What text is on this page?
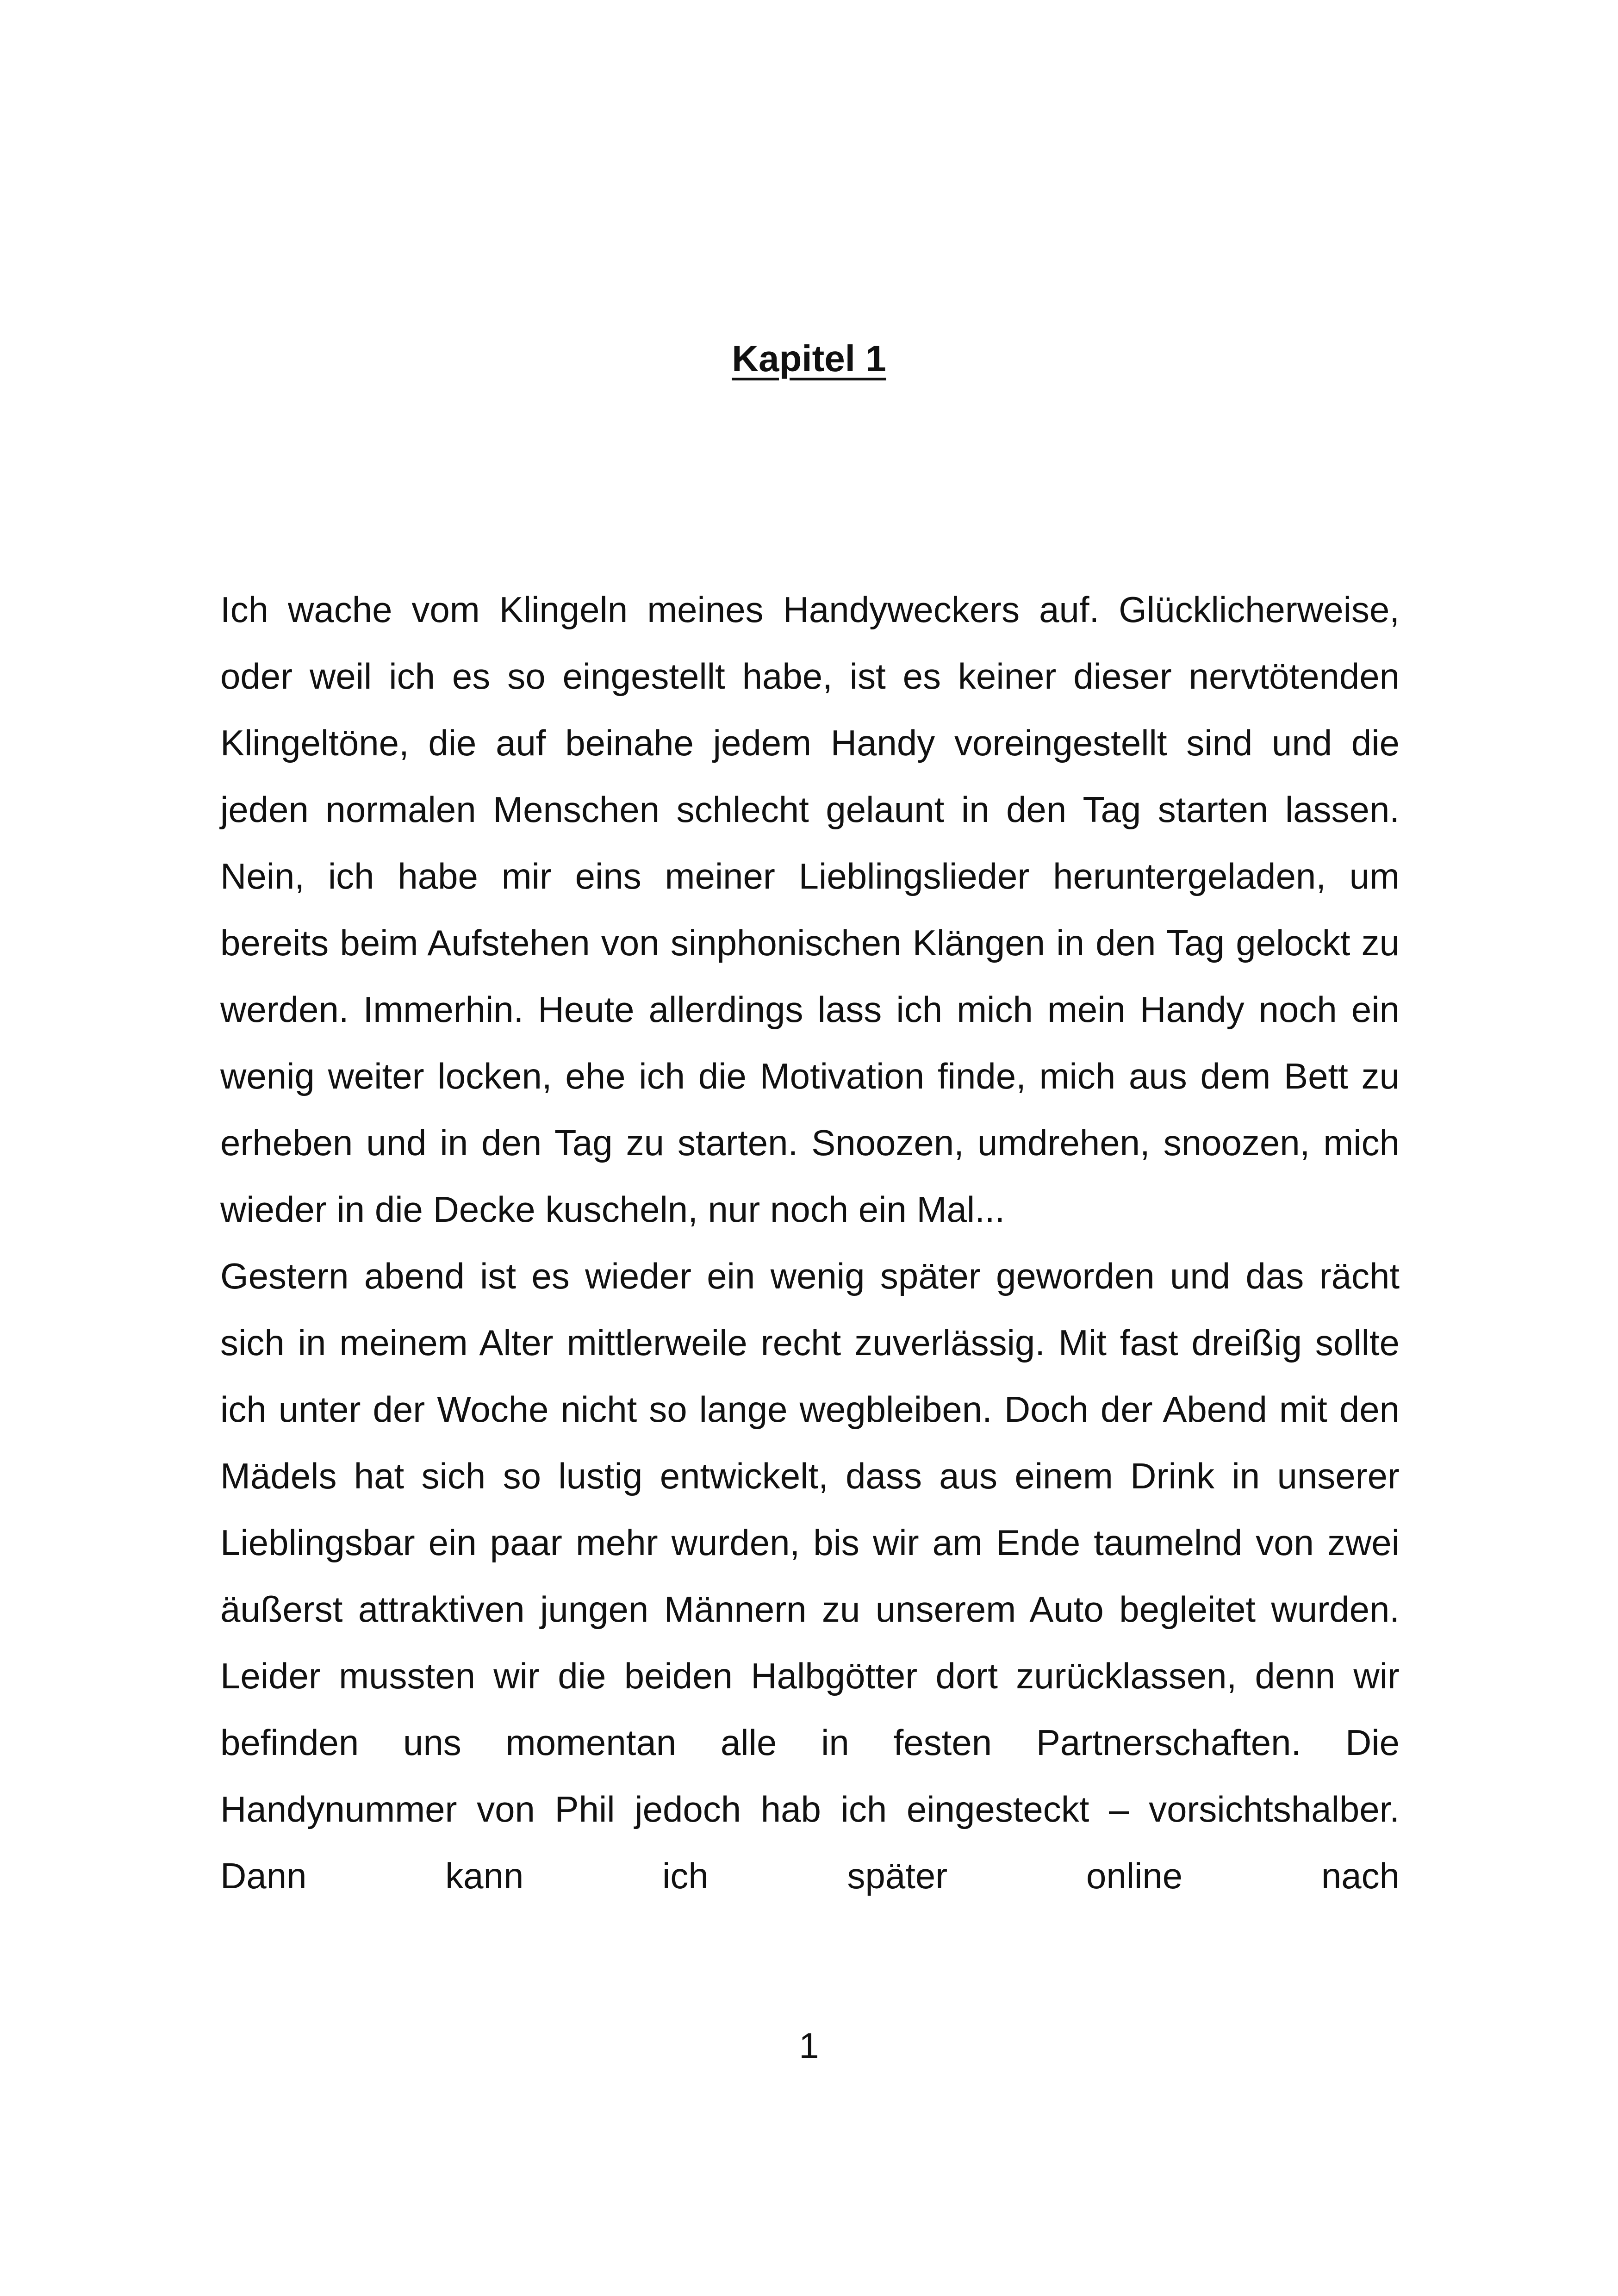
Kapitel 1

Ich wache vom Klingeln meines Handyweckers auf. Glücklicherweise, oder weil ich es so eingestellt habe, ist es keiner dieser nervtötenden Klingeltöne, die auf beinahe jedem Handy voreingestellt sind und die jeden normalen Menschen schlecht gelaunt in den Tag starten lassen. Nein, ich habe mir eins meiner Lieblingslieder heruntergeladen, um bereits beim Aufstehen von sinphonischen Klängen in den Tag gelockt zu werden. Immerhin. Heute allerdings lass ich mich mein Handy noch ein wenig weiter locken, ehe ich die Motivation finde, mich aus dem Bett zu erheben und in den Tag zu starten. Snoozen, umdrehen, snoozen, mich wieder in die Decke kuscheln, nur noch ein Mal...

Gestern abend ist es wieder ein wenig später geworden und das rächt sich in meinem Alter mittlerweile recht zuverlässig. Mit fast dreißig sollte ich unter der Woche nicht so lange wegbleiben. Doch der Abend mit den Mädels hat sich so lustig entwickelt, dass aus einem Drink in unserer Lieblingsbar ein paar mehr wurden, bis wir am Ende taumelnd von zwei äußerst attraktiven jungen Männern zu unserem Auto begleitet wurden. Leider mussten wir die beiden Halbgötter dort zurücklassen, denn wir befinden uns momentan alle in festen Partnerschaften. Die Handynummer von Phil jedoch hab ich eingesteckt – vorsichtshalber. Dann kann ich später online nach

1
